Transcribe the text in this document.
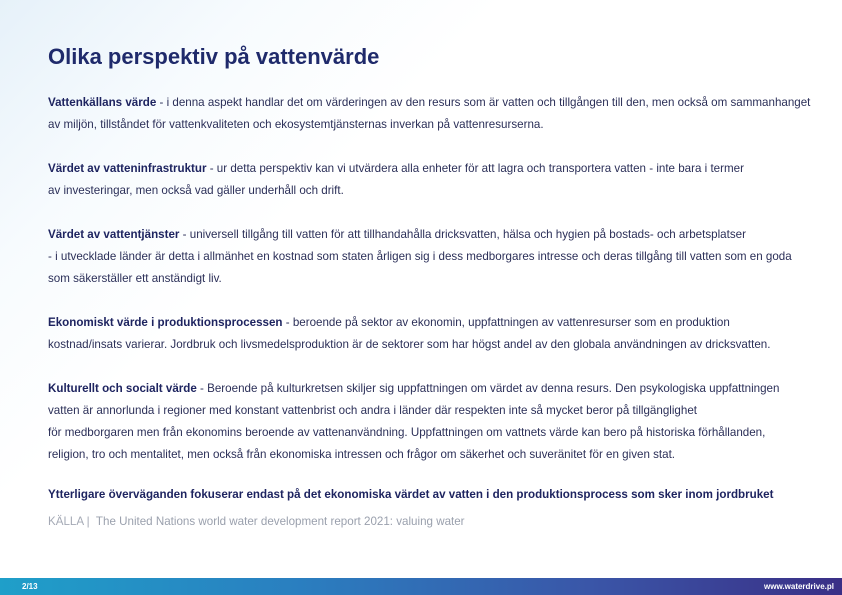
Olika perspektiv på vattenvärde

Vattenkällans värde - i denna aspekt handlar det om värderingen av den resurs som är vatten och tillgången till den, men också om sammanhanget
av miljön, tillståndet för vattenkvaliteten och ekosystemtjänsternas inverkan på vattenresurserna.

Värdet av vatteninfrastruktur - ur detta perspektiv kan vi utvärdera alla enheter för att lagra och transportera vatten - inte bara i termer
av investeringar, men också vad gäller underhåll och drift.

Värdet av vattentjänster - universell tillgång till vatten för att tillhandahålla dricksvatten, hälsa och hygien på bostads- och arbetsplatser
- i utvecklade länder är detta i allmänhet en kostnad som staten årligen sig i dess medborgares intresse och deras tillgång till vatten som en goda
som säkerställer ett anständigt liv.

Ekonomiskt värde i produktionsprocessen - beroende på sektor av ekonomin, uppfattningen av vattenresurser som en produktion
kostnad/insats varierar. Jordbruk och livsmedelsproduktion är de sektorer som har högst andel av den globala användningen av dricksvatten.

Kulturellt och socialt värde - Beroende på kulturkretsen skiljer sig uppfattningen om värdet av denna resurs. Den psykologiska uppfattningen
vatten är annorlunda i regioner med konstant vattenbrist och andra i länder där respekten inte så mycket beror på tillgänglighet
för medborgaren men från ekonomins beroende av vattenanvändning. Uppfattningen om vattnets värde kan bero på historiska förhållanden,
religion, tro och mentalitet, men också från ekonomiska intressen och frågor om säkerhet och suveränitet för en given stat.

Ytterligare överväganden fokuserar endast på det ekonomiska värdet av vatten i den produktionsprocess som sker inom jordbruket

KÄLLA | The United Nations world water development report 2021: valuing water

2/13	www.waterdrive.pl
